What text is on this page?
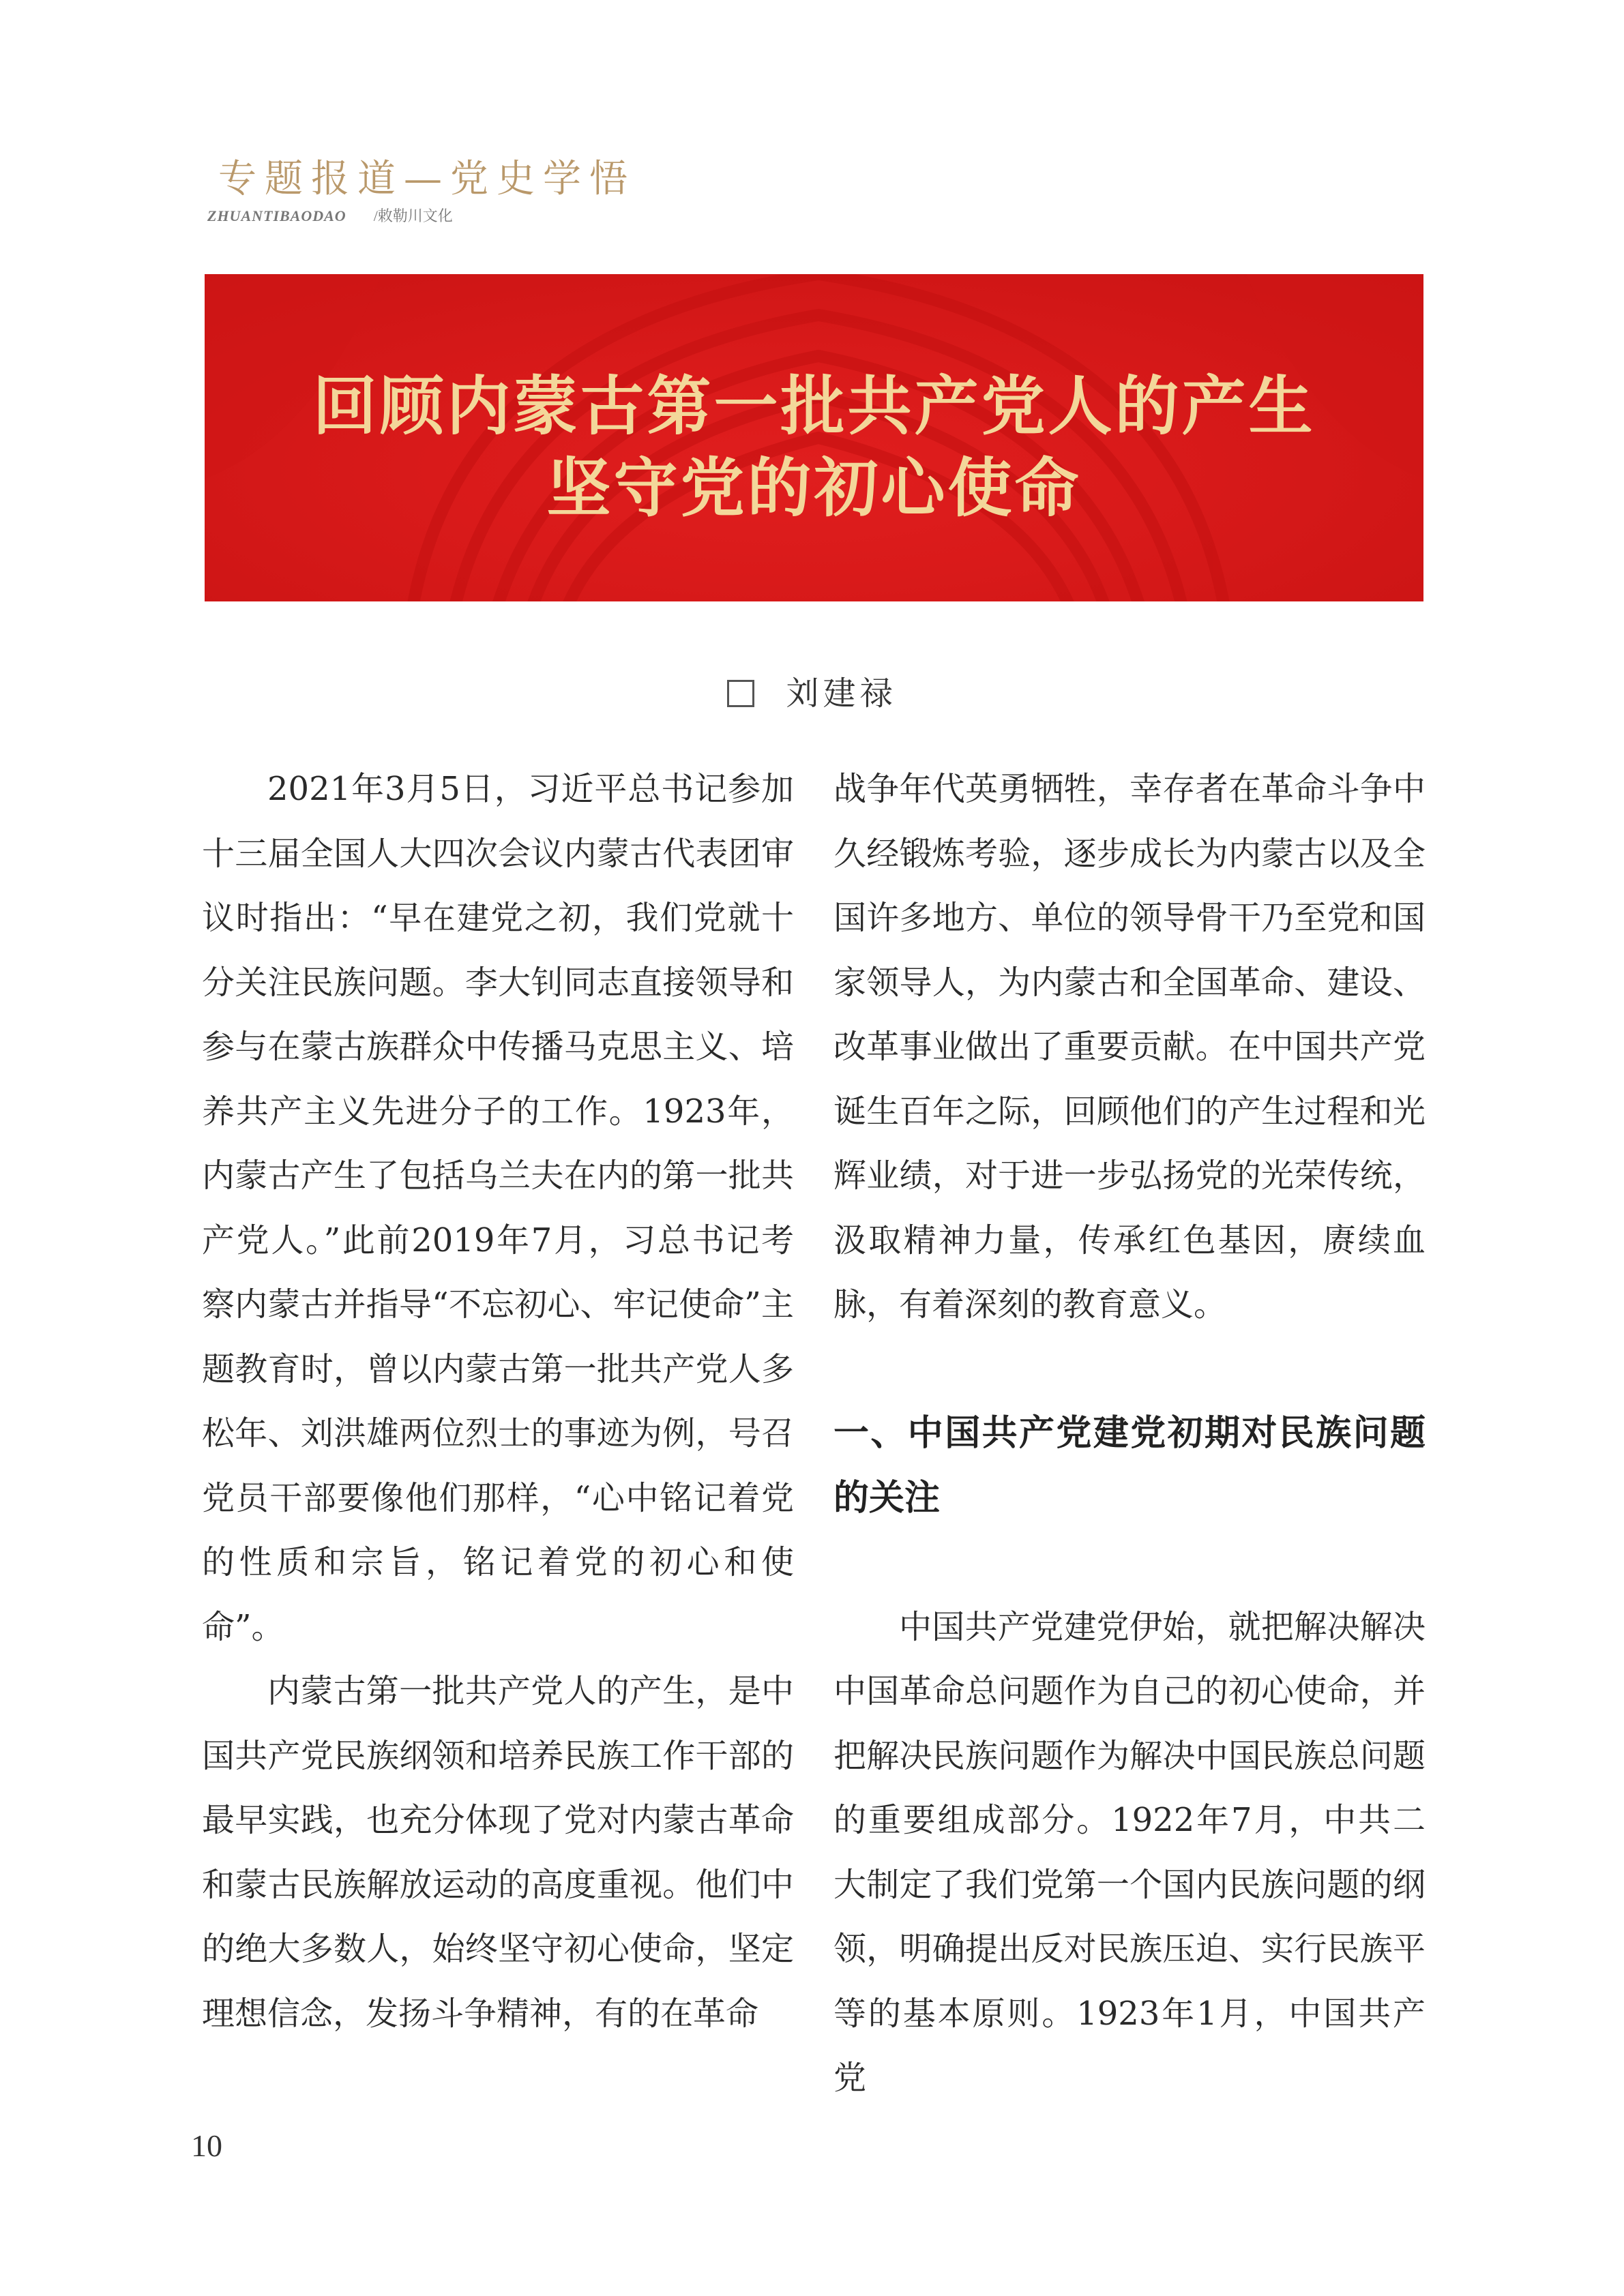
专题报道—党史学悟
ZHUANTIBAODAO /敕勒川文化
回顾内蒙古第一批共产党人的产生
坚守党的初心使命
刘建禄

2021年3月5日，习近平总书记参加十三届全国人大四次会议内蒙古代表团审议时指出：“早在建党之初，我们党就十分关注民族问题。李大钊同志直接领导和参与在蒙古族群众中传播马克思主义、培养共产主义先进分子的工作。1923年，内蒙古产生了包括乌兰夫在内的第一批共产党人。”此前2019年7月，习总书记考察内蒙古并指导“不忘初心、牢记使命”主题教育时，曾以内蒙古第一批共产党人多松年、刘洪雄两位烈士的事迹为例，号召党员干部要像他们那样，“心中铭记着党的性质和宗旨，铭记着党的初心和使命”。

内蒙古第一批共产党人的产生，是中国共产党民族纲领和培养民族工作干部的最早实践，也充分体现了党对内蒙古革命和蒙古民族解放运动的高度重视。他们中的绝大多数人，始终坚守初心使命，坚定理想信念，发扬斗争精神，有的在革命

战争年代英勇牺牲，幸存者在革命斗争中久经锻炼考验，逐步成长为内蒙古以及全国许多地方、单位的领导骨干乃至党和国家领导人，为内蒙古和全国革命、建设、改革事业做出了重要贡献。在中国共产党诞生百年之际，回顾他们的产生过程和光辉业绩，对于进一步弘扬党的光荣传统，汲取精神力量，传承红色基因，赓续血脉，有着深刻的教育意义。

一、中国共产党建党初期对民族问题的关注

中国共产党建党伊始，就把解决解决中国革命总问题作为自己的初心使命，并把解决民族问题作为解决中国民族总问题的重要组成部分。1922年7月，中共二大制定了我们党第一个国内民族问题的纲领，明确提出反对民族压迫、实行民族平等的基本原则。1923年1月，中国共产党

10
